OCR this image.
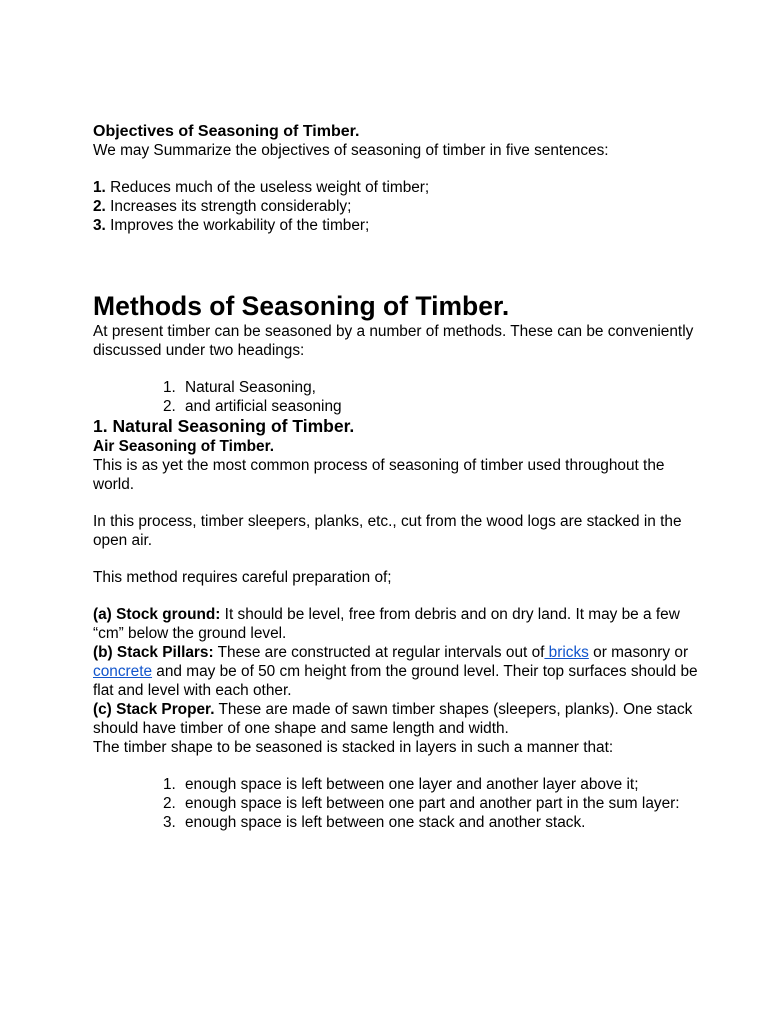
Objectives of Seasoning of Timber.

We may Summarize the objectives of seasoning of timber in five sentences:

1. Reduces much of the useless weight of timber;

2. Increases its strength considerably;

3. Improves the workability of the timber;

Methods of Seasoning of Timber.

At present timber can be seasoned by a number of methods. These can be conveniently discussed under two headings:

1. Natural Seasoning,
2. and artificial seasoning

1. Natural Seasoning of Timber.

Air Seasoning of Timber.

This is as yet the most common process of seasoning of timber used throughout the world.

In this process, timber sleepers, planks, etc., cut from the wood logs are stacked in the open air.

This method requires careful preparation of;

(a) Stock ground: It should be level, free from debris and on dry land. It may be a few “cm” below the ground level.

(b) Stack Pillars: These are constructed at regular intervals out of bricks or masonry or concrete and may be of 50 cm height from the ground level. Their top surfaces should be flat and level with each other.

(c) Stack Proper. These are made of sawn timber shapes (sleepers, planks). One stack should have timber of one shape and same length and width.

The timber shape to be seasoned is stacked in layers in such a manner that:

1. enough space is left between one layer and another layer above it;
2. enough space is left between one part and another part in the sum layer:
3. enough space is left between one stack and another stack.
